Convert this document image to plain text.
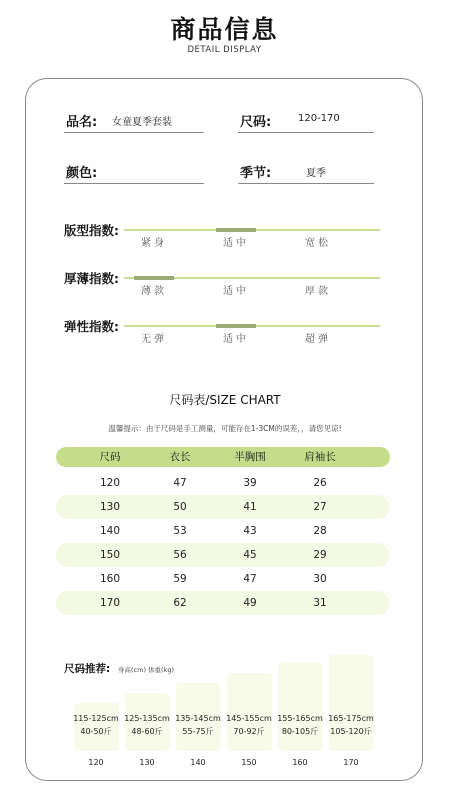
商品信息
DETAIL DISPLAY
品名: 女童夏季套装	尺码:	120-170
颜色:	季节:	夏季
版型指数:
紧身	适中	宽松
厚薄指数:
薄款	适中	厚款
弹性指数:
无弹	适中	超弹
尺码表/SIZE CHART
温馨提示：由于尺码是手工测量，可能存在1-3CM的误差，，请您见谅!
尺码	衣长	半胸围	肩袖长
120	47	39	26
130	50	41	27
140	53	43	28
150	56	45	29
160	59	47	30
170	62	49	31
尺码推荐: 身高(cm) 体重(kg)
115-125cm
40-50斤
120
125-135cm
48-60斤
130
135-145cm
55-75斤
140
145-155cm
70-92斤
150
155-165cm
80-105斤
160
165-175cm
105-120斤
170
